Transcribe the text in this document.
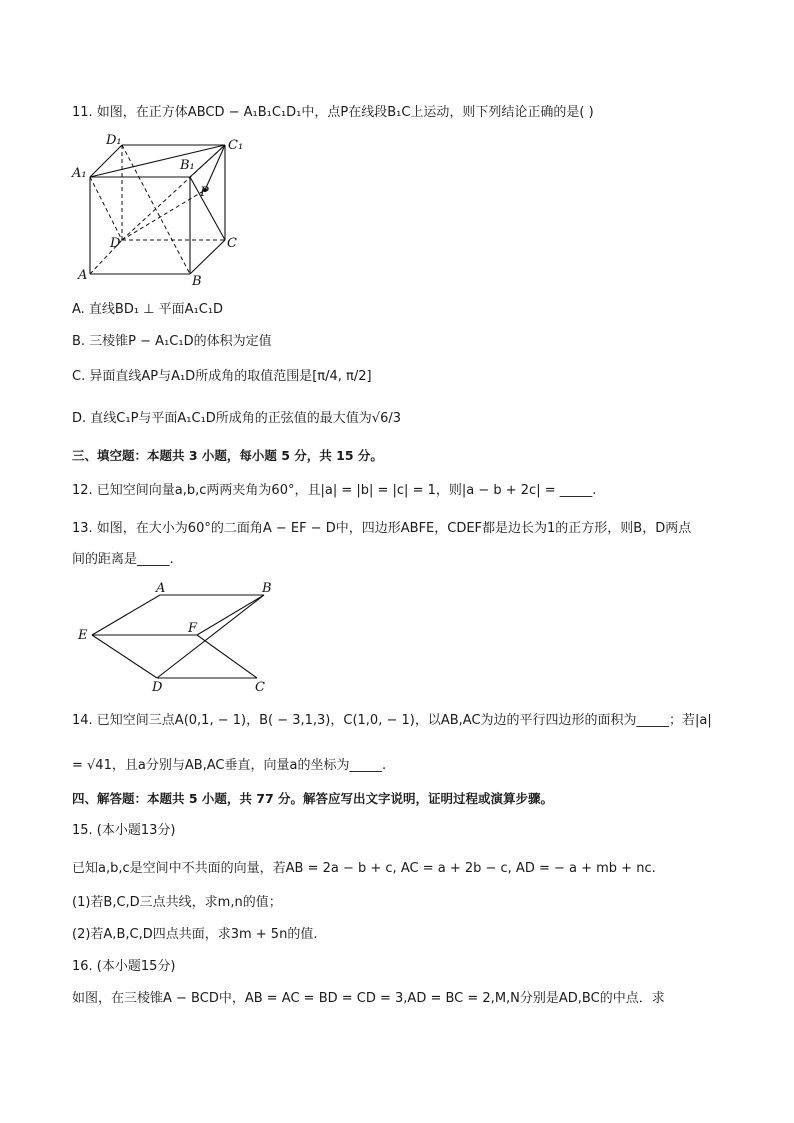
11. 如图，在正方体ABCD − A₁B₁C₁D₁中，点P在线段B₁C上运动，则下列结论正确的是( )
D₁	C₁
A₁
B₁
P
D	C
A	B
A. 直线BD₁ ⊥ 平面A₁C₁D
B. 三棱锥P − A₁C₁D的体积为定值
C. 异面直线AP与A₁D所成角的取值范围是[π/4, π/2]
D. 直线C₁P与平面A₁C₁D所成角的正弦值的最大值为√6/3
三、填空题：本题共 3 小题，每小题 5 分，共 15 分。
12. 已知空间向量a,b,c两两夹角为60°，且|a| = |b| = |c| = 1，则|a − b + 2c| = _____.
13. 如图，在大小为60°的二面角A − EF − D中，四边形ABFE，CDEF都是边长为1的正方形，则B，D两点
间的距离是_____.
A	B
E	F
D	C
14. 已知空间三点A(0,1, − 1)，B( − 3,1,3)，C(1,0, − 1)，以AB,AC为边的平行四边形的面积为_____；若|a|
= √41，且a分别与AB,AC垂直，向量a的坐标为_____.
四、解答题：本题共 5 小题，共 77 分。解答应写出文字说明，证明过程或演算步骤。
15. (本小题13分)
已知a,b,c是空间中不共面的向量，若AB = 2a − b + c, AC = a + 2b − c, AD = − a + mb + nc.
(1)若B,C,D三点共线，求m,n的值；
(2)若A,B,C,D四点共面，求3m + 5n的值.
16. (本小题15分)
如图，在三棱锥A − BCD中，AB = AC = BD = CD = 3,AD = BC = 2,M,N分别是AD,BC的中点．求
